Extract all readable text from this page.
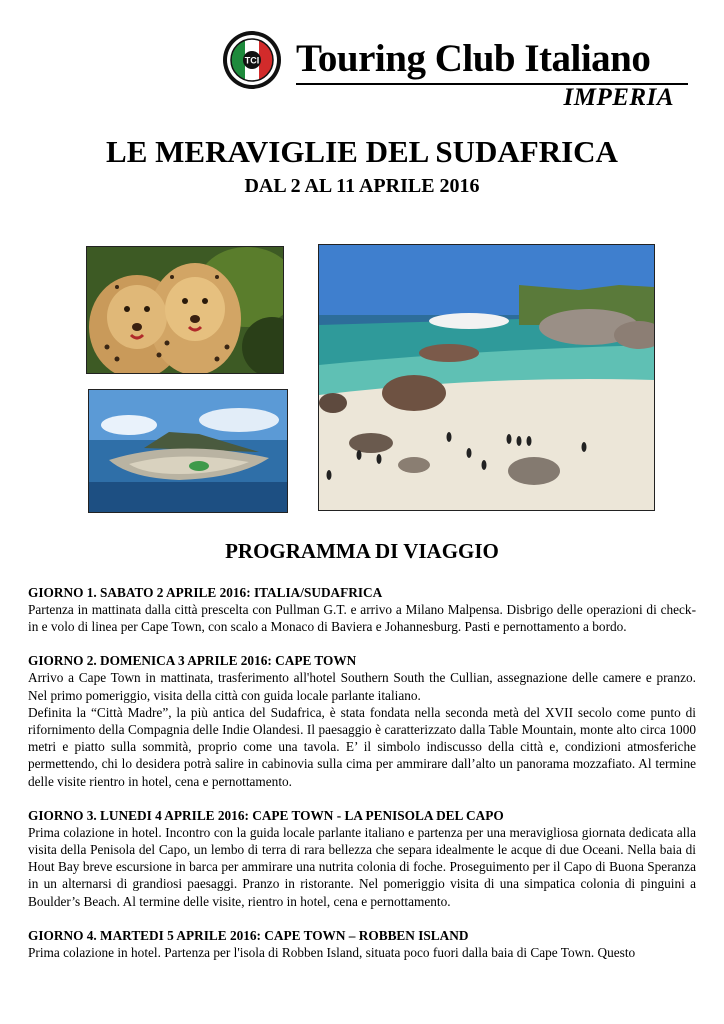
TCI Touring Club Italiano
IMPERIA
LE MERAVIGLIE DEL SUDAFRICA
DAL 2 AL 11 APRILE 2016
PROGRAMMA DI VIAGGIO
GIORNO 1. SABATO 2 APRILE 2016: ITALIA/SUDAFRICA

Partenza in mattinata dalla città prescelta con Pullman G.T. e arrivo a Milano Malpensa. Disbrigo delle operazioni di check-in e volo di linea per Cape Town, con scalo a Monaco di Baviera e Johannesburg. Pasti e pernottamento a bordo.

GIORNO 2. DOMENICA 3 APRILE 2016: CAPE TOWN

Arrivo a Cape Town in mattinata, trasferimento all'hotel Southern South the Cullian, assegnazione delle camere e pranzo. Nel primo pomeriggio, visita della città con guida locale parlante italiano.

Definita la “Città Madre”, la più antica del Sudafrica, è stata fondata nella seconda metà del XVII secolo come punto di rifornimento della Compagnia delle Indie Olandesi. Il paesaggio è caratterizzato dalla Table Mountain, monte alto circa 1000 metri e piatto sulla sommità, proprio come una tavola. E’ il simbolo indiscusso della città e, condizioni atmosferiche permettendo, chi lo desidera potrà salire in cabinovia sulla cima per ammirare dall’alto un panorama mozzafiato. Al termine delle visite rientro in hotel, cena e pernottamento.

GIORNO 3. LUNEDI 4 APRILE 2016: CAPE TOWN - LA PENISOLA DEL CAPO

Prima colazione in hotel. Incontro con la guida locale parlante italiano e partenza per una meravigliosa giornata dedicata alla visita della Penisola del Capo, un lembo di terra di rara bellezza che separa idealmente le acque di due Oceani. Nella baia di Hout Bay breve escursione in barca per ammirare una nutrita colonia di foche. Proseguimento per il Capo di Buona Speranza in un alternarsi di grandiosi paesaggi. Pranzo in ristorante. Nel pomeriggio visita di una simpatica colonia di pinguini a Boulder’s Beach. Al termine delle visite, rientro in hotel, cena e pernottamento.

GIORNO 4. MARTEDI 5 APRILE 2016: CAPE TOWN – ROBBEN ISLAND

Prima colazione in hotel. Partenza per l'isola di Robben Island, situata poco fuori dalla baia di Cape Town. Questo
